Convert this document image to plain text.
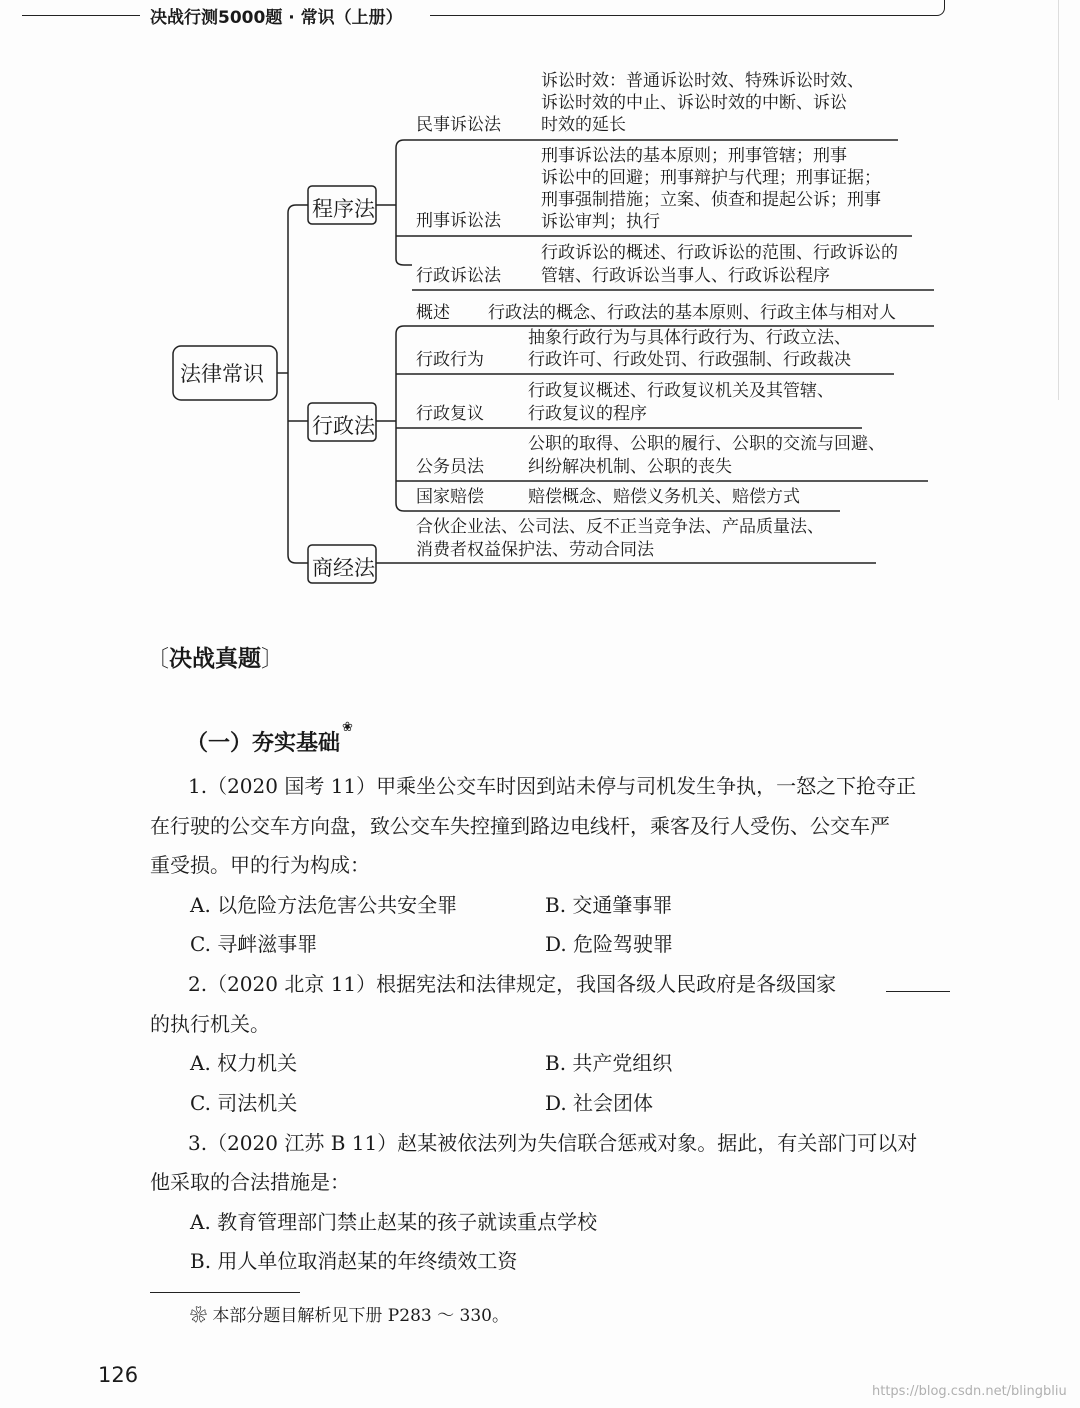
决战行测5000题 · 常识（上册）
法律常识
程序法
行政法
商经法
民事诉讼法
诉讼时效：普通诉讼时效、特殊诉讼时效、
诉讼时效的中止、诉讼时效的中断、诉讼
时效的延长
刑事诉讼法
刑事诉讼法的基本原则；刑事管辖；刑事
诉讼中的回避；刑事辩护与代理；刑事证据；
刑事强制措施；立案、侦查和提起公诉；刑事
诉讼审判；执行
行政诉讼法
行政诉讼的概述、行政诉讼的范围、行政诉讼的
管辖、行政诉讼当事人、行政诉讼程序
概述 行政法的概念、行政法的基本原则、行政主体与相对人
行政行为
抽象行政行为与具体行政行为、行政立法、
行政许可、行政处罚、行政强制、行政裁决
行政复议
行政复议概述、行政复议机关及其管辖、
行政复议的程序
公务员法
公职的取得、公职的履行、公职的交流与回避、
纠纷解决机制、公职的丧失
国家赔偿	赔偿概念、赔偿义务机关、赔偿方式
合伙企业法、公司法、反不正当竞争法、产品质量法、
消费者权益保护法、劳动合同法
〔决战真题〕
（一）夯实基础❀
1.（2020 国考 11）甲乘坐公交车时因到站未停与司机发生争执，一怒之下抢夺正
在行驶的公交车方向盘，致公交车失控撞到路边电线杆，乘客及行人受伤、公交车严
重受损。甲的行为构成：
A. 以危险方法危害公共安全罪	B. 交通肇事罪
C. 寻衅滋事罪	D. 危险驾驶罪
2.（2020 北京 11）根据宪法和法律规定，我国各级人民政府是各级国家
的执行机关。
A. 权力机关	B. 共产党组织
C. 司法机关	D. 社会团体
3.（2020 江苏 B 11）赵某被依法列为失信联合惩戒对象。据此，有关部门可以对
他采取的合法措施是：
A. 教育管理部门禁止赵某的孩子就读重点学校
B. 用人单位取消赵某的年终绩效工资
❀ 本部分题目解析见下册 P283 ～ 330。
126
https://blog.csdn.net/blingbliu
